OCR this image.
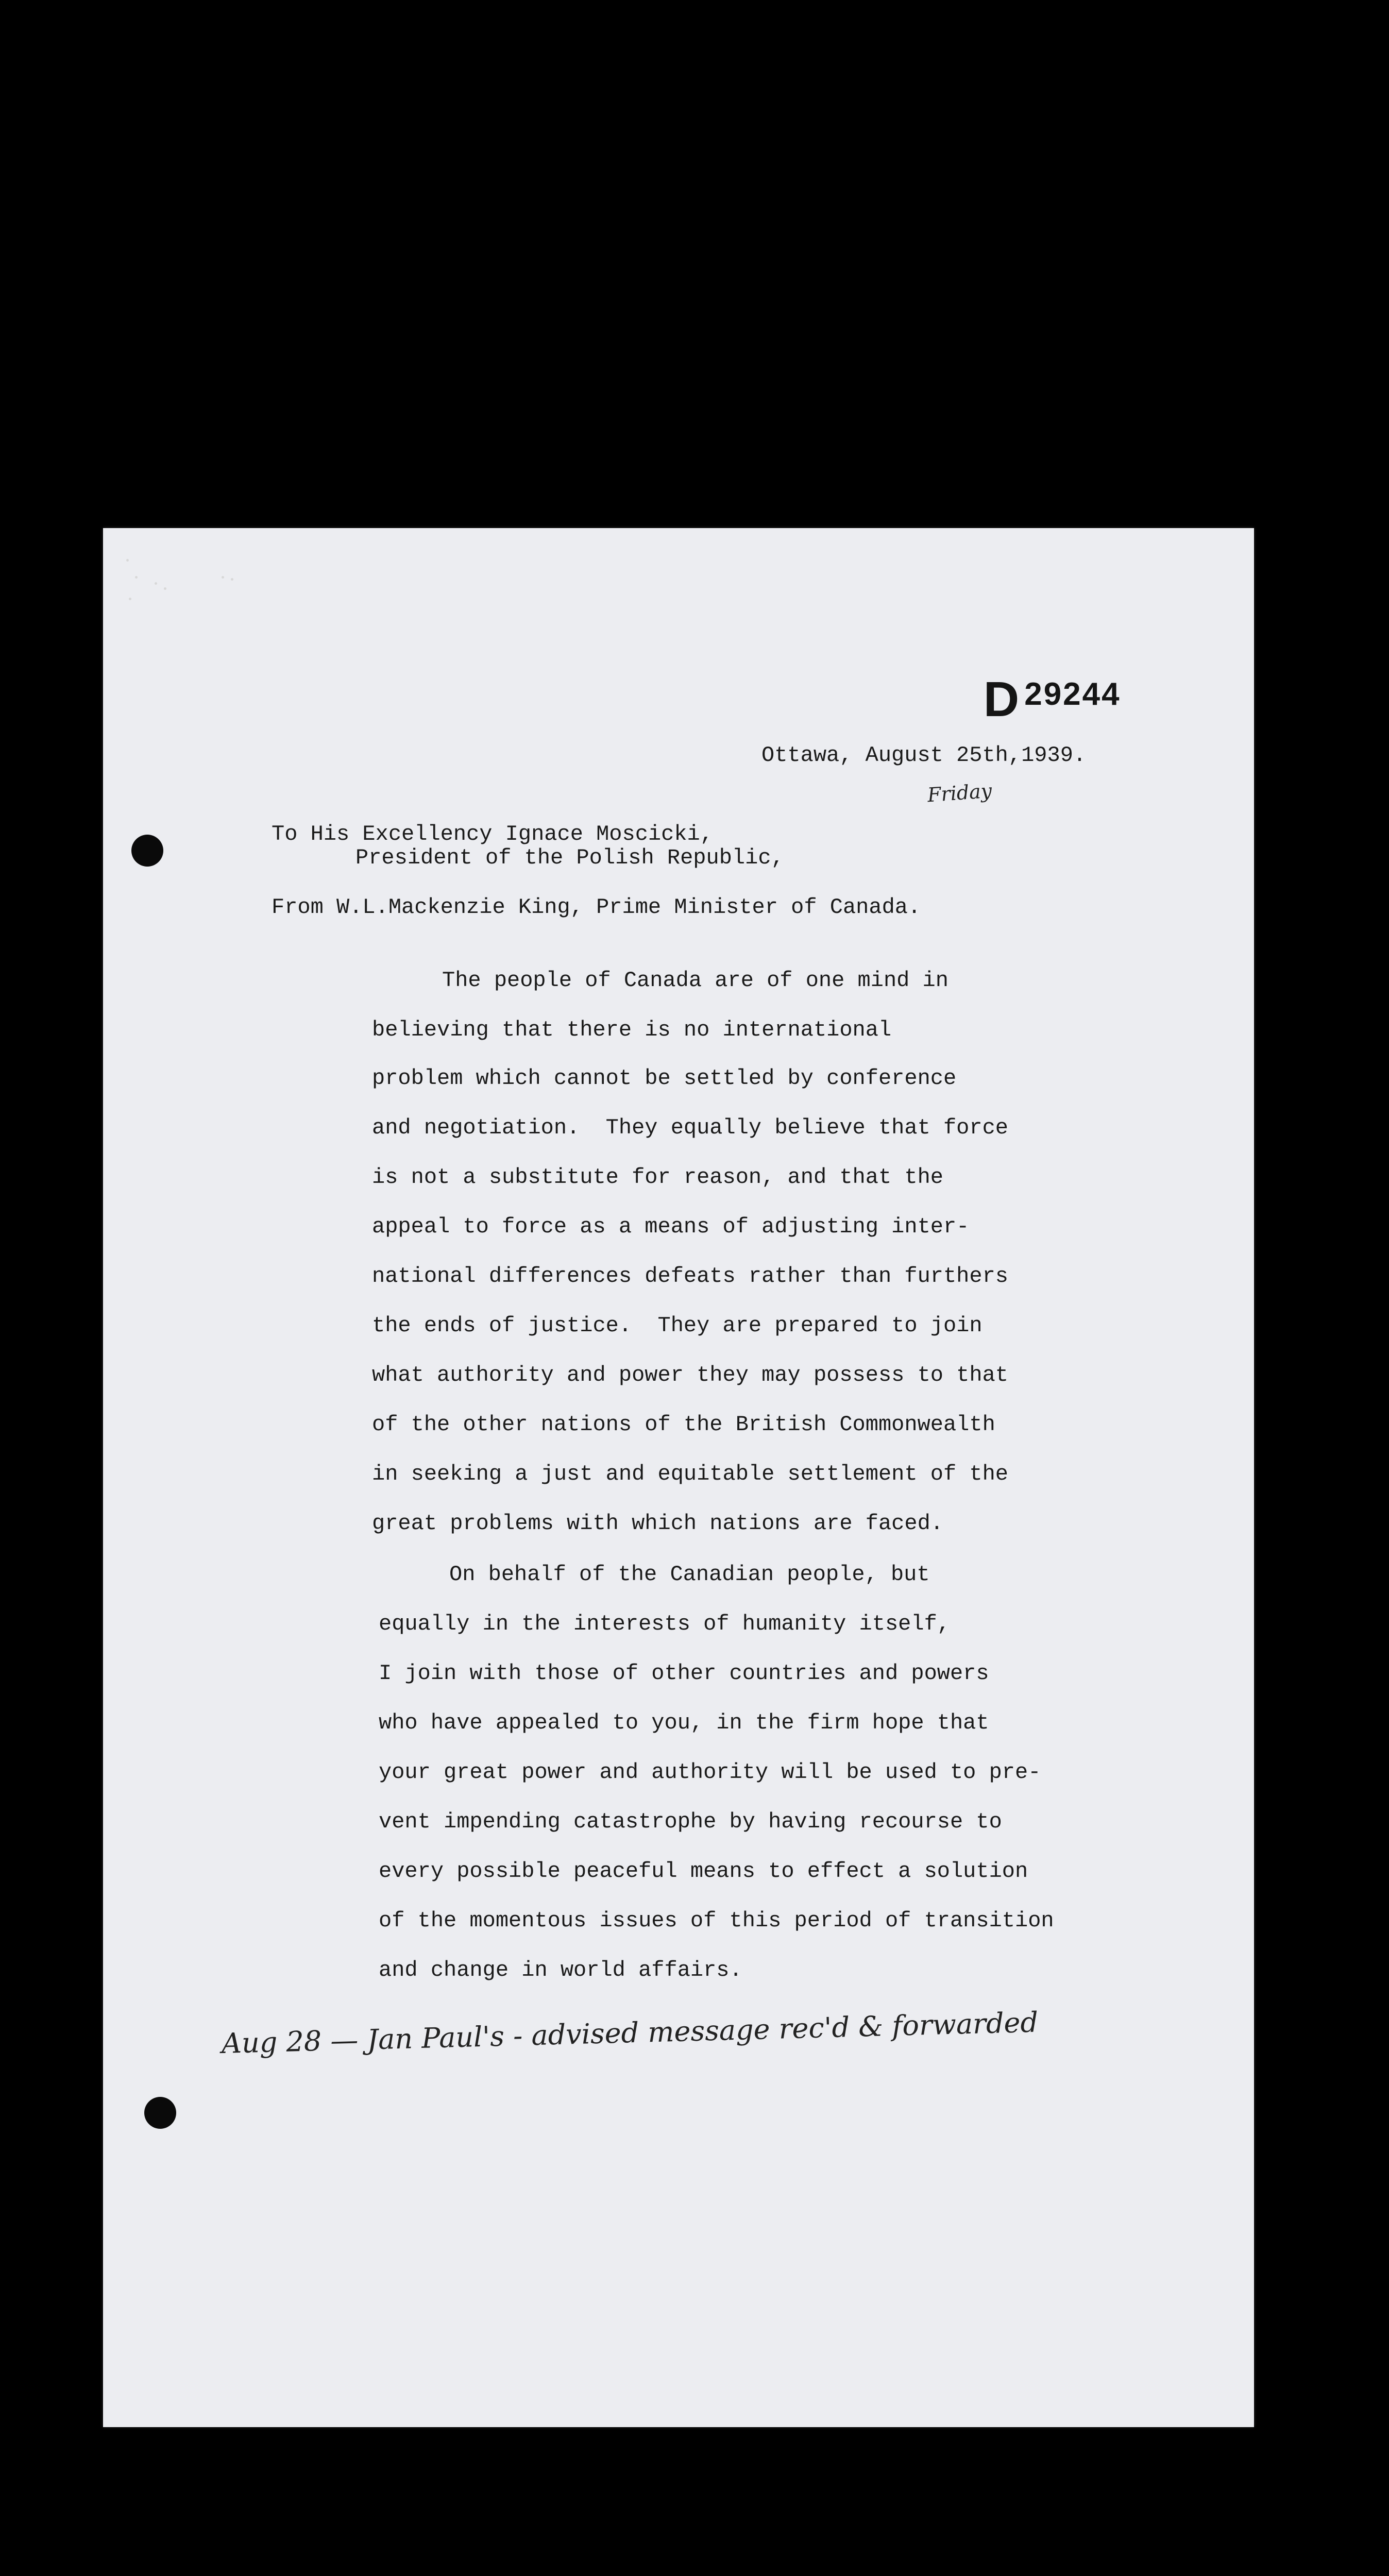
D 29244

Ottawa, August 25th,1939.
Friday
To His Excellency Ignace Moscicki,
President of the Polish Republic,
From W.L.Mackenzie King, Prime Minister of Canada.
The people of Canada are of one mind in
believing that there is no international
problem which cannot be settled by conference
and negotiation.  They equally believe that force
is not a substitute for reason, and that the
appeal to force as a means of adjusting inter-
national differences defeats rather than furthers
the ends of justice.  They are prepared to join
what authority and power they may possess to that
of the other nations of the British Commonwealth
in seeking a just and equitable settlement of the
great problems with which nations are faced.
On behalf of the Canadian people, but
equally in the interests of humanity itself,
I join with those of other countries and powers
who have appealed to you, in the firm hope that
your great power and authority will be used to pre-
vent impending catastrophe by having recourse to
every possible peaceful means to effect a solution
of the momentous issues of this period of transition
and change in world affairs.
Aug 28 — Jan Paul's - advised message rec'd & forwarded
